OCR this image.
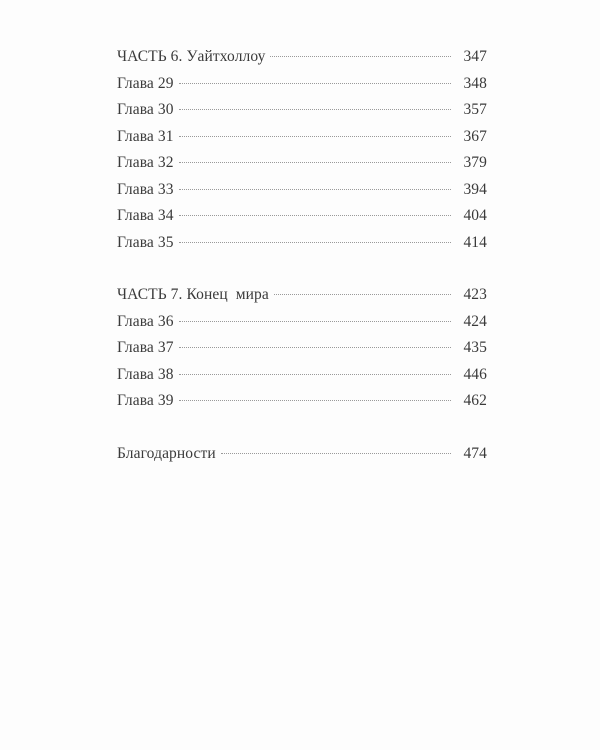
ЧАСТЬ 6. Уайтхоллоу	347
Глава 29	348
Глава 30	357
Глава 31	367
Глава 32	379
Глава 33	394
Глава 34	404
Глава 35	414
ЧАСТЬ 7. Конец  мира	423
Глава 36	424
Глава 37	435
Глава 38	446
Глава 39	462
Благодарности	474
